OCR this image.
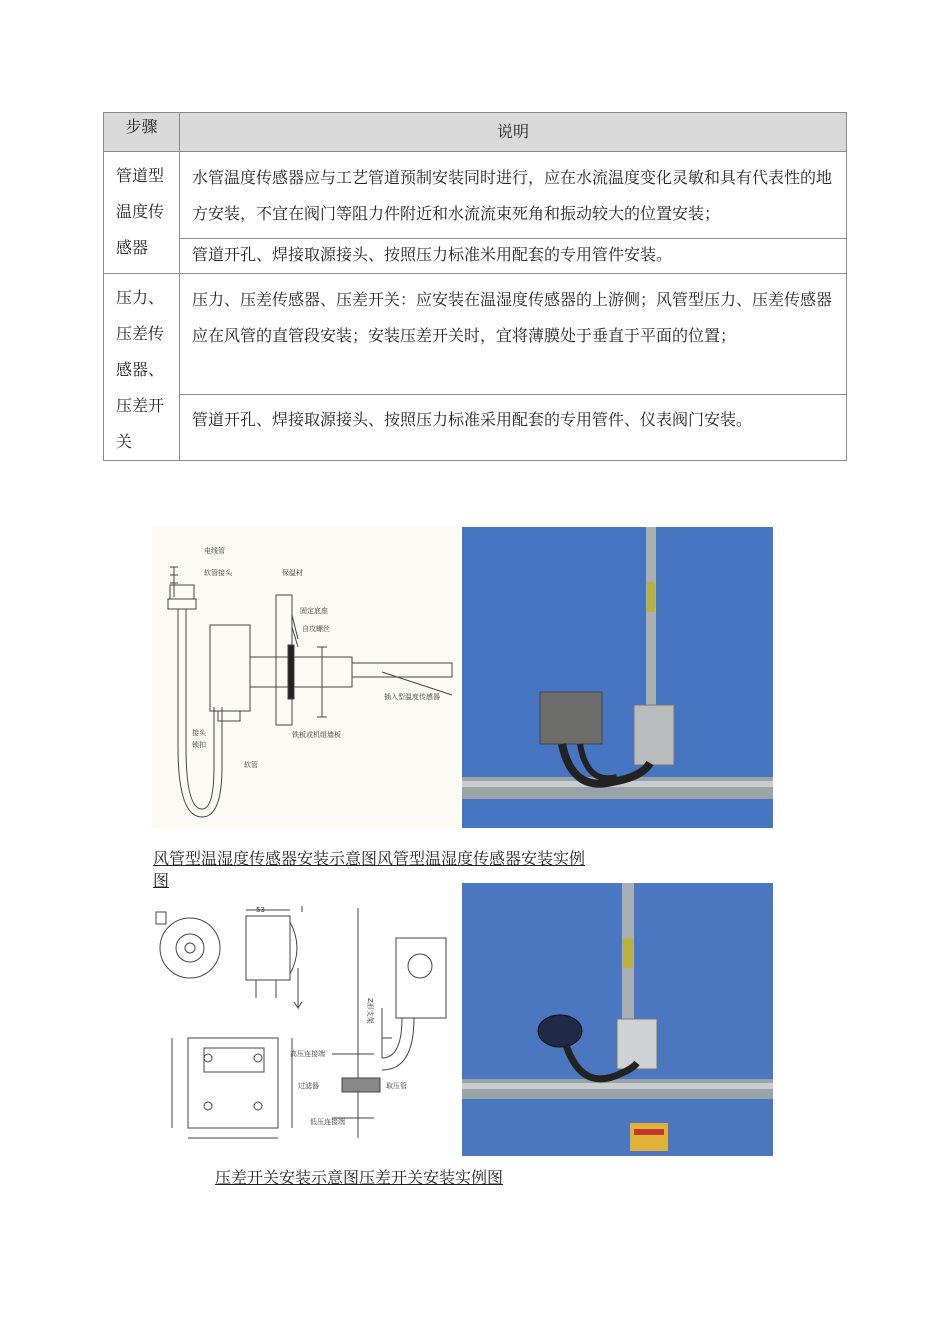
步骤	说明
管道型温度传感器	水管温度传感器应与工艺管道预制安装同时进行，应在水流温度变化灵敏和具有代表性的地方安装，不宜在阀门等阻力件附近和水流流束死角和振动较大的位置安装；
	管道开孔、焊接取源接头、按照压力标准米用配套的专用管件安装。
压力、压差传感器、压差开关	压力、压差传感器、压差开关：应安装在温湿度传感器的上游侧；风管型压力、压差传感器应在风管的直管段安装；安装压差开关时，宜将薄膜处于垂直于平面的位置；
	管道开孔、焊接取源接头、按照压力标准采用配套的专用管件、仪表阀门安装。
电线管
软管接头	保温材
固定底座
自攻螺丝
插入型温度传感器
接头
锁扣
软管
铁板或机组墙板
风管型温湿度传感器安装示意图风管型温湿度传感器安装实例
图
53
高压连接端
过滤器	取压管
低压连接端
Z形支架
压差开关安装示意图压差开关安装实例图
